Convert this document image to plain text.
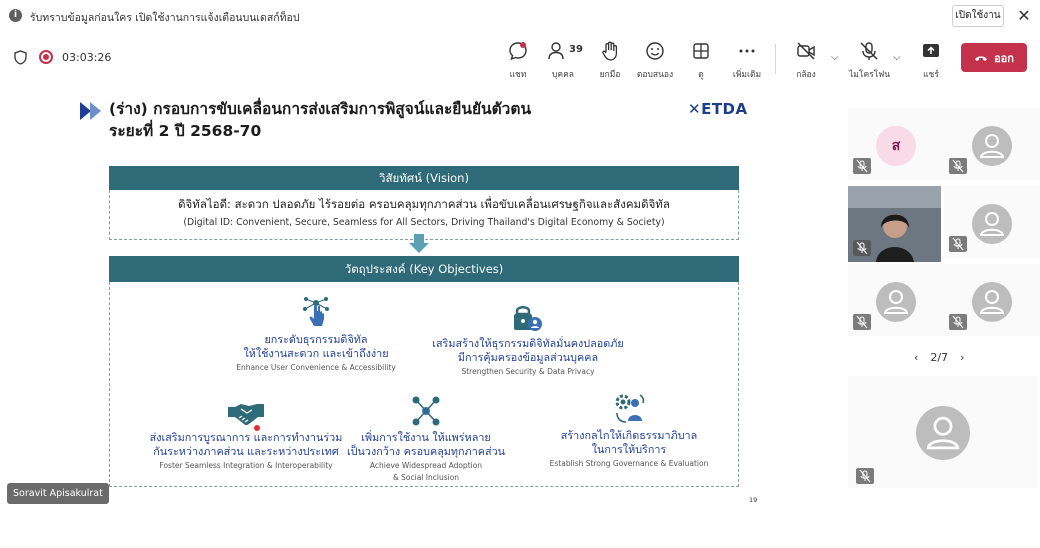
i	รับทราบข้อมูลก่อนใคร เปิดใช้งานการแจ้งเตือนบนเดสก์ท็อป	เปิดใช้งาน ✕
03:03:26
แชท
39
บุคคล	ยกมือ	ตอบสนอง	ดู	เพิ่มเติม	กล้อง
⌵
ไมโครโฟน
⌵
แชร์
ออก
(ร่าง) กรอบการขับเคลื่อนการส่งเสริมการพิสูจน์และยืนยันตัวตน
ระยะที่ 2 ปี 2568-70
✕ETDA
วิสัยทัศน์ (Vision)
ดิจิทัลไอดี: สะดวก ปลอดภัย ไร้รอยต่อ ครอบคลุมทุกภาคส่วน เพื่อขับเคลื่อนเศรษฐกิจและสังคมดิจิทัล
(Digital ID: Convenient, Secure, Seamless for All Sectors, Driving Thailand's Digital Economy & Society)
วัตถุประสงค์ (Key Objectives)
ยกระดับธุรกรรมดิจิทัล
ให้ใช้งานสะดวก และเข้าถึงง่าย
Enhance User Convenience & Accessibility
เสริมสร้างให้ธุรกรรมดิจิทัลมั่นคงปลอดภัย
มีการคุ้มครองข้อมูลส่วนบุคคล
Strengthen Security & Data Privacy
ส่งเสริมการบูรณาการ และการทำงานร่วม
กันระหว่างภาคส่วน และระหว่างประเทศ
Foster Seamless Integration & Interoperability
เพิ่มการใช้งาน ให้แพร่หลาย
เป็นวงกว้าง ครอบคลุมทุกภาคส่วน
Achieve Widespread Adoption
& Social Inclusion
สร้างกลไกให้เกิดธรรมาภิบาล
ในการให้บริการ
Establish Strong Governance & Evaluation
19
Soravit Apisakulrat
ส
‹ 2/7 ›
